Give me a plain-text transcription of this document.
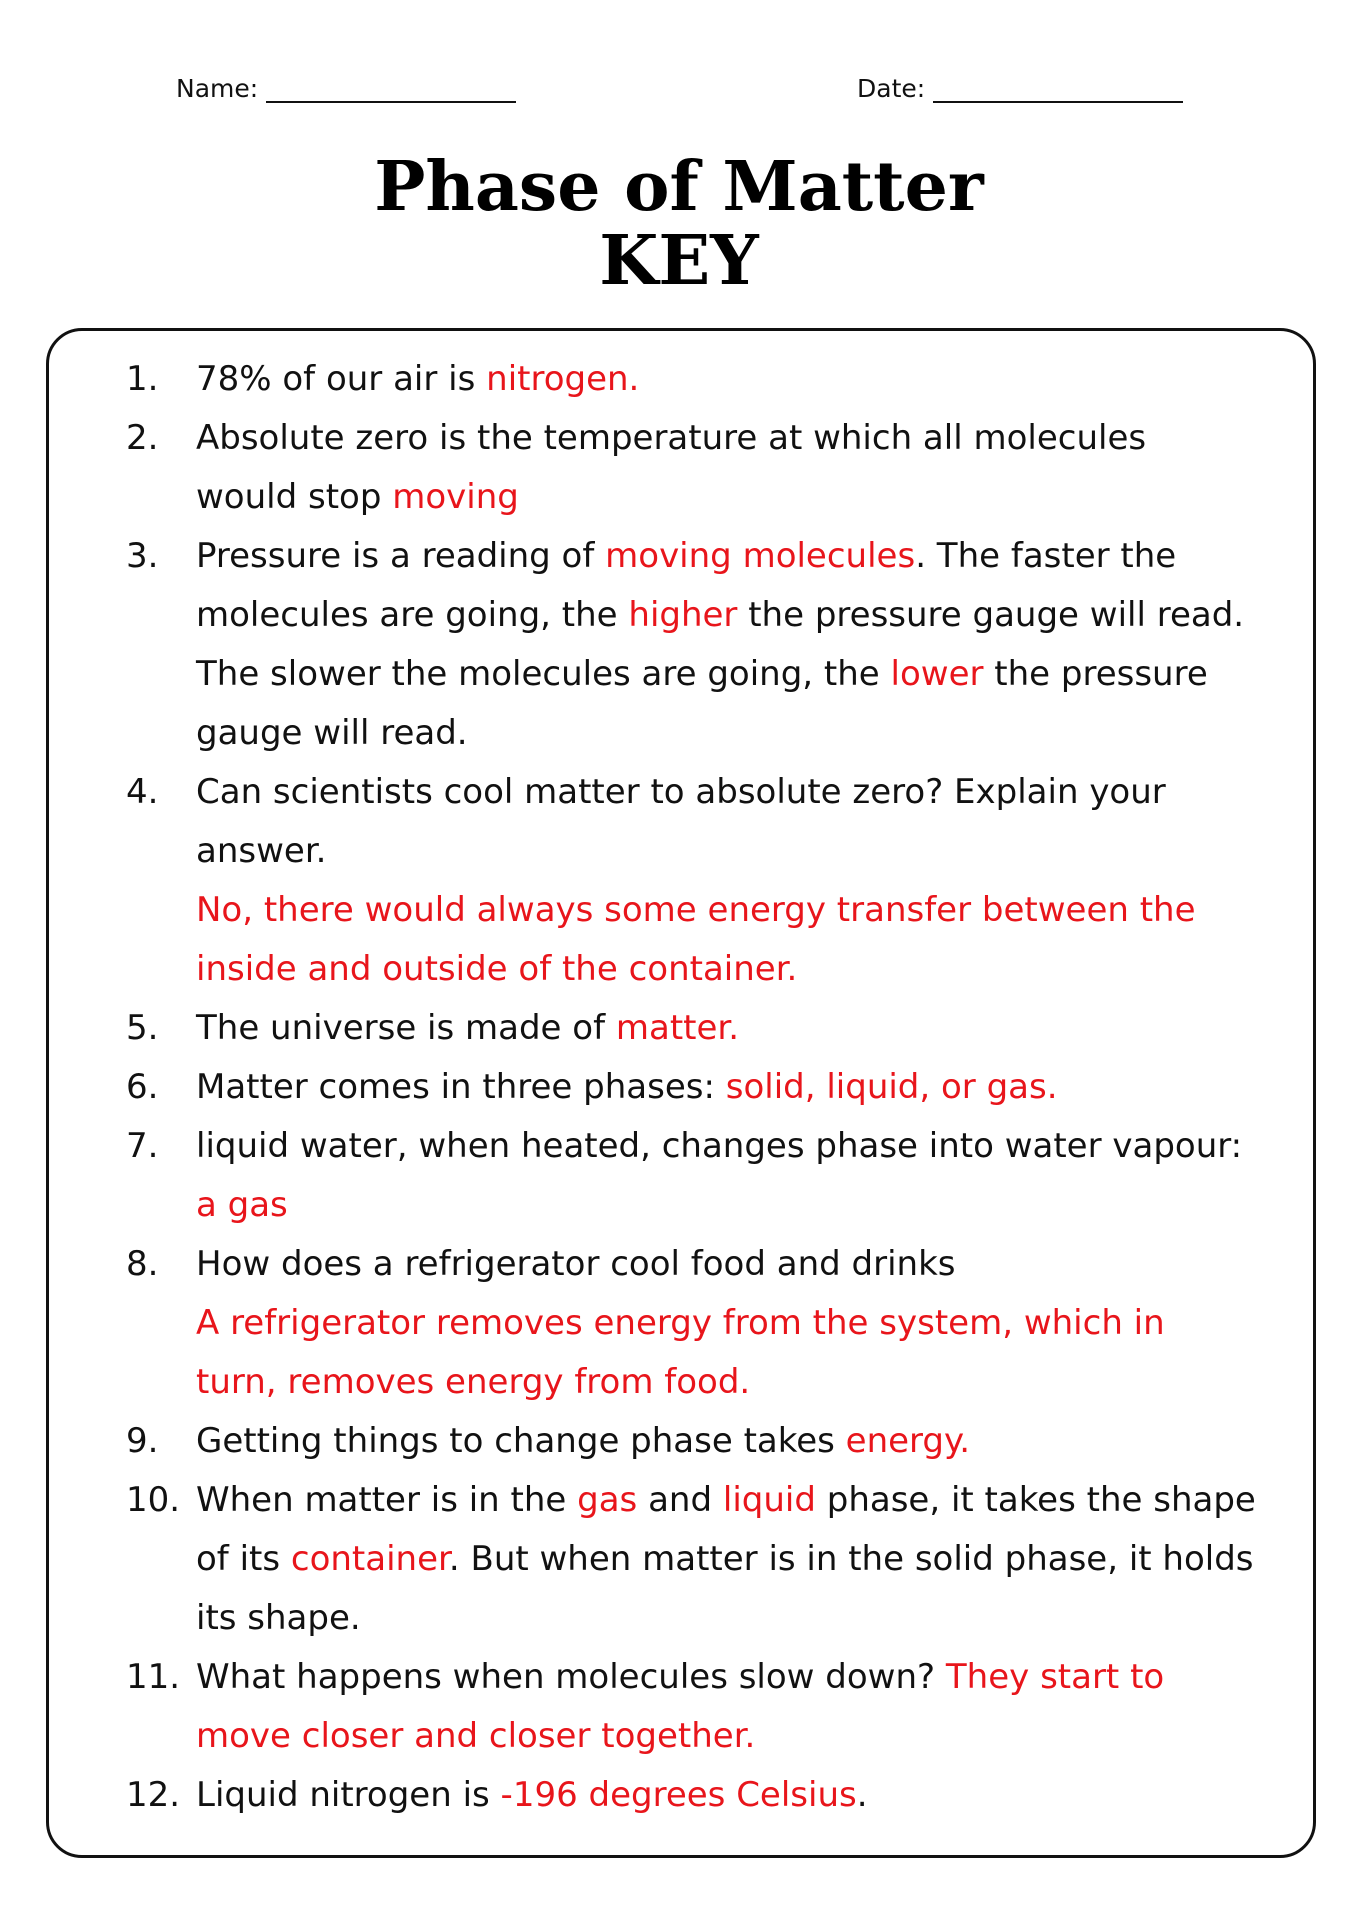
Name:	Date:
Phase of Matter
KEY
1. 78% of our air is nitrogen.
2. Absolute zero is the temperature at which all molecules would stop moving
3. Pressure is a reading of moving molecules. The faster the molecules are going, the higher the pressure gauge will read. The slower the molecules are going, the lower the pressure gauge will read.
4. Can scientists cool matter to absolute zero? Explain your answer.
No, there would always some energy transfer between the inside and outside of the container.
5. The universe is made of matter.
6. Matter comes in three phases: solid, liquid, or gas.
7. liquid water, when heated, changes phase into water vapour: a gas
8. How does a refrigerator cool food and drinks
A refrigerator removes energy from the system, which in turn, removes energy from food.
9. Getting things to change phase takes energy.
10. When matter is in the gas and liquid phase, it takes the shape of its container. But when matter is in the solid phase, it holds its shape.
11. What happens when molecules slow down? They start to move closer and closer together.
12. Liquid nitrogen is -196 degrees Celsius.
